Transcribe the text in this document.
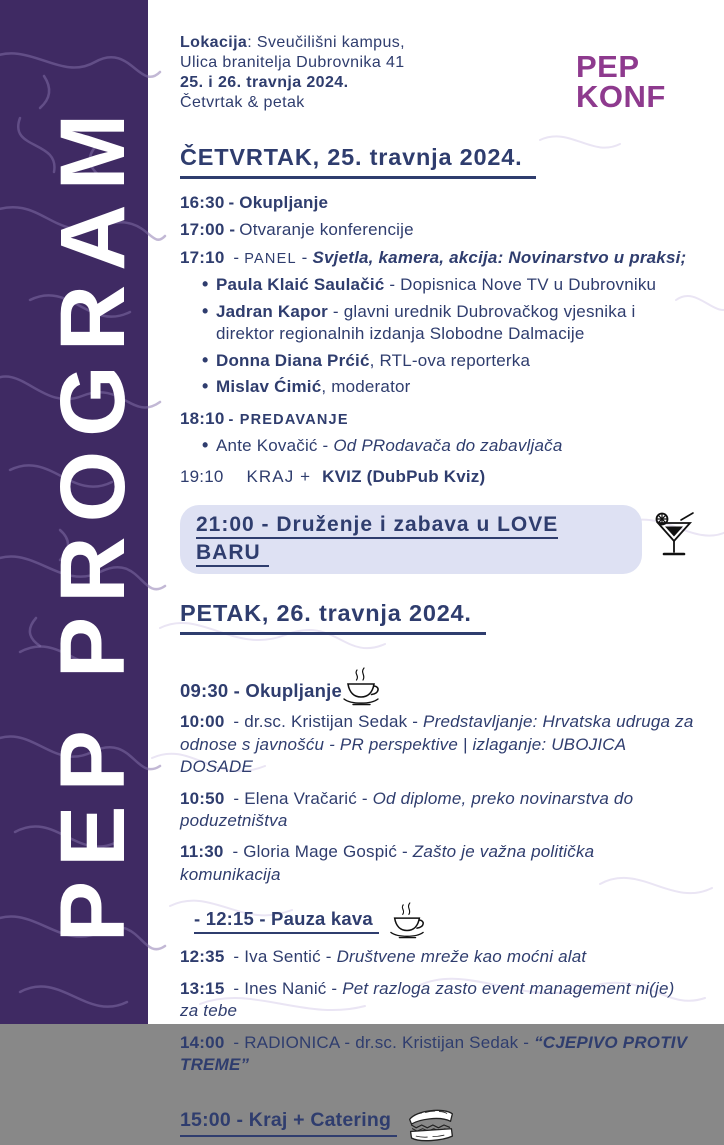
PEP PROGRAM
Lokacija: Sveučilišni kampus,
Ulica branitelja Dubrovnika 41
25. i 26. travnja 2024.
Četvrtak & petak
PEP
KONF
ČETVRTAK, 25. travnja 2024.
16:30 - Okupljanje
17:00 - Otvaranje konferencije
17:10 - PANEL - Svjetla, kamera, akcija: Novinarstvo u praksi;
• Paula Klaić Saulačić - Dopisnica Nove TV u Dubrovniku
• Jadran Kapor - glavni urednik Dubrovačkog vjesnika i direktor regionalnih izdanja Slobodne Dalmacije
• Donna Diana Prćić, RTL-ova reporterka
• Mislav Ćimić, moderator
18:10 - PREDAVANJE
• Ante Kovačić - Od PRodavača do zabavljača
19:10 KRAJ + KVIZ (DubPub Kviz)
21:00 - Druženje i zabava u LOVE BARU
PETAK, 26. travnja 2024.
09:30 - Okupljanje
10:00 - dr.sc. Kristijan Sedak - Predstavljanje: Hrvatska udruga za odnose s javnošću - PR perspektive | izlaganje: UBOJICA DOSADE
10:50 - Elena Vračarić - Od diplome, preko novinarstva do poduzetništva
11:30 - Gloria Mage Gospić - Zašto je važna politička komunikacija
- 12:15 - Pauza kava
12:35 - Iva Sentić - Društvene mreže kao moćni alat
13:15 - Ines Nanić - Pet razloga zasto event management ni(je) za tebe
14:00 - RADIONICA - dr.sc. Kristijan Sedak - “CJEPIVO PROTIV TREME”
15:00 - Kraj + Catering
